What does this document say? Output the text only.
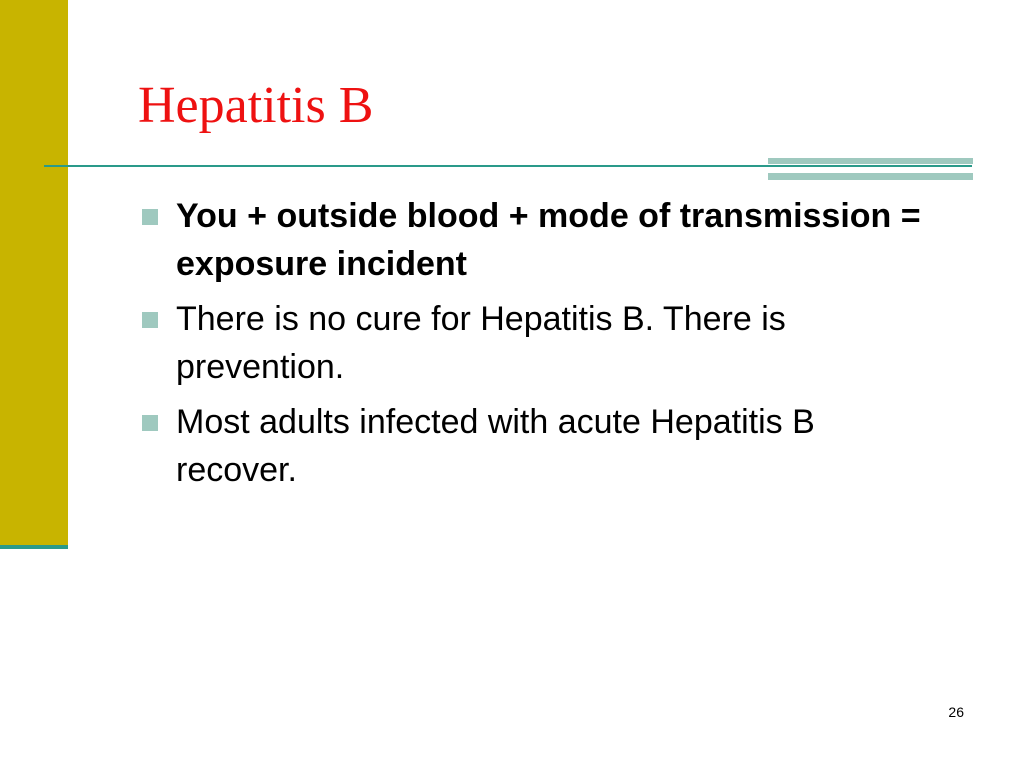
Hepatitis B
You + outside blood + mode of transmission = exposure incident
There is no cure for Hepatitis B. There is prevention.
Most adults infected with acute Hepatitis B recover.
26
